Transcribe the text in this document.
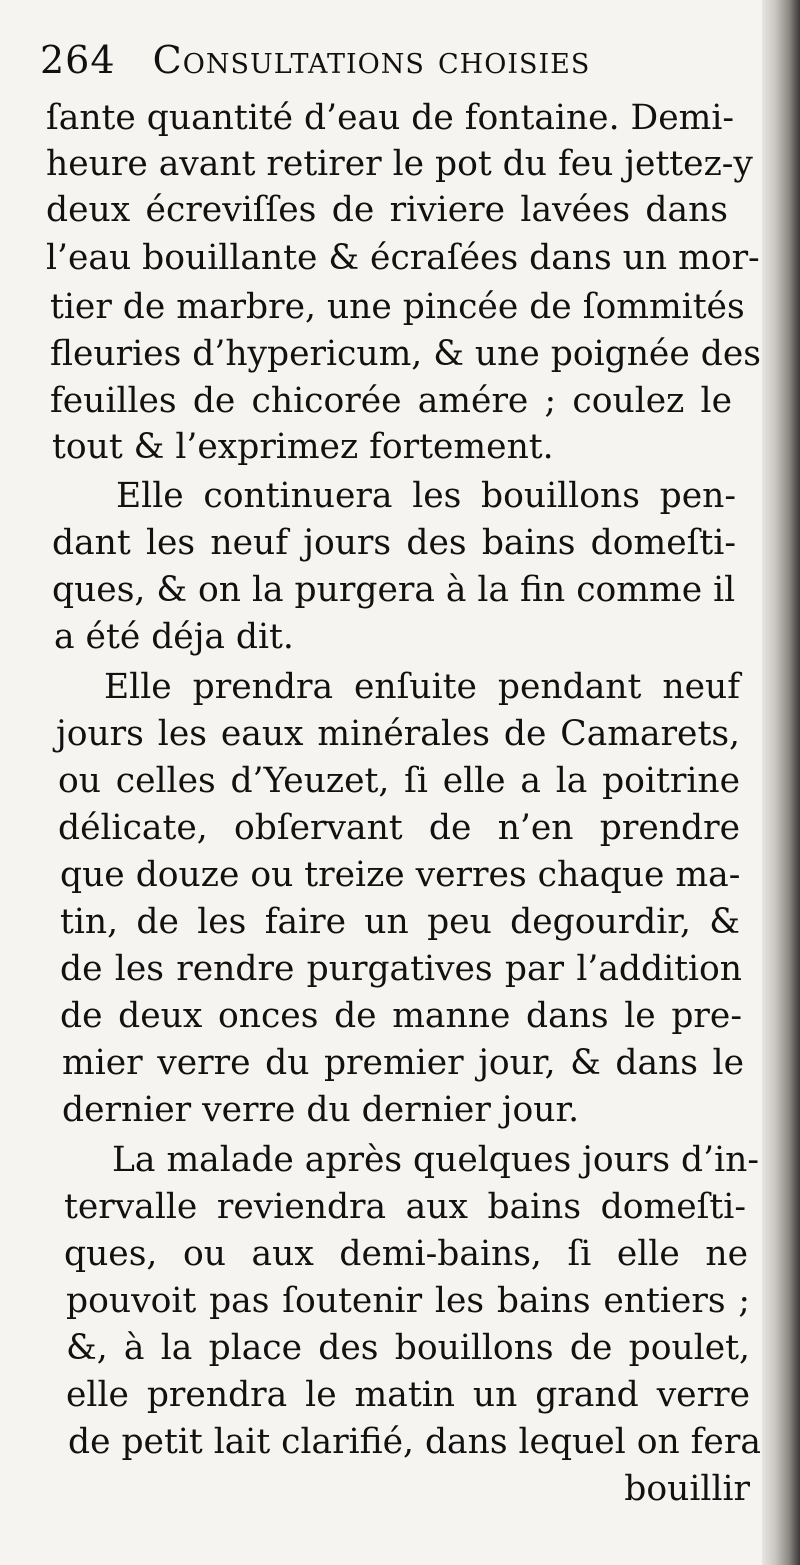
264 Consultations choisies
ſante quantité d’eau de fontaine. Demi-
heure avant retirer le pot du feu jettez-y
deux écreviſſes de riviere lavées dans
l’eau bouillante & écraſées dans un mor-
tier de marbre, une pincée de ſommités
fleuries d’hypericum, & une poignée des
feuilles de chicorée amére ; coulez le
tout & l’exprimez fortement.
Elle continuera les bouillons pen-
dant les neuf jours des bains domeſti-
ques, & on la purgera à la fin comme il
a été déja dit.
Elle prendra enſuite pendant neuf
jours les eaux minérales de Camarets,
ou celles d’Yeuzet, ſi elle a la poitrine
délicate, obſervant de n’en prendre
que douze ou treize verres chaque ma-
tin, de les faire un peu degourdir, &
de les rendre purgatives par l’addition
de deux onces de manne dans le pre-
mier verre du premier jour, & dans le
dernier verre du dernier jour.
La malade après quelques jours d’in-
tervalle reviendra aux bains domeſti-
ques, ou aux demi-bains, ſi elle ne
pouvoit pas ſoutenir les bains entiers ;
&, à la place des bouillons de poulet,
elle prendra le matin un grand verre
de petit lait clarifié, dans lequel on fera
bouillir
